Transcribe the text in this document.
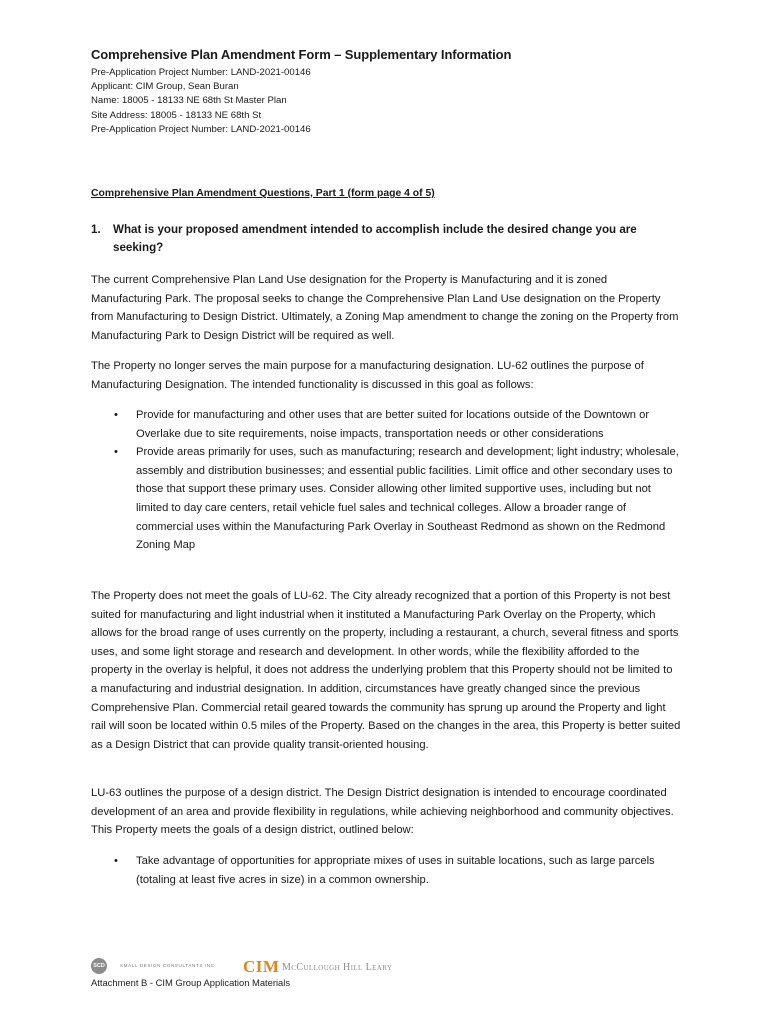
Comprehensive Plan Amendment Form – Supplementary Information
Pre-Application Project Number: LAND-2021-00146
Applicant: CIM Group, Sean Buran
Name: 18005 - 18133 NE 68th St Master Plan
Site Address: 18005 - 18133 NE 68th St
Pre-Application Project Number: LAND-2021-00146
Comprehensive Plan Amendment Questions, Part 1 (form page 4 of 5)
1. What is your proposed amendment intended to accomplish include the desired change you are seeking?
The current Comprehensive Plan Land Use designation for the Property is Manufacturing and it is zoned Manufacturing Park. The proposal seeks to change the Comprehensive Plan Land Use designation on the Property from Manufacturing to Design District. Ultimately, a Zoning Map amendment to change the zoning on the Property from Manufacturing Park to Design District will be required as well.
The Property no longer serves the main purpose for a manufacturing designation. LU-62 outlines the purpose of Manufacturing Designation. The intended functionality is discussed in this goal as follows:
• Provide for manufacturing and other uses that are better suited for locations outside of the Downtown or Overlake due to site requirements, noise impacts, transportation needs or other considerations
• Provide areas primarily for uses, such as manufacturing; research and development; light industry; wholesale, assembly and distribution businesses; and essential public facilities. Limit office and other secondary uses to those that support these primary uses. Consider allowing other limited supportive uses, including but not limited to day care centers, retail vehicle fuel sales and technical colleges. Allow a broader range of commercial uses within the Manufacturing Park Overlay in Southeast Redmond as shown on the Redmond Zoning Map
The Property does not meet the goals of LU-62. The City already recognized that a portion of this Property is not best suited for manufacturing and light industrial when it instituted a Manufacturing Park Overlay on the Property, which allows for the broad range of uses currently on the property, including a restaurant, a church, several fitness and sports uses, and some light storage and research and development. In other words, while the flexibility afforded to the property in the overlay is helpful, it does not address the underlying problem that this Property should not be limited to a manufacturing and industrial designation. In addition, circumstances have greatly changed since the previous Comprehensive Plan. Commercial retail geared towards the community has sprung up around the Property and light rail will soon be located within 0.5 miles of the Property. Based on the changes in the area, this Property is better suited as a Design District that can provide quality transit-oriented housing.
LU-63 outlines the purpose of a design district. The Design District designation is intended to encourage coordinated development of an area and provide flexibility in regulations, while achieving neighborhood and community objectives. This Property meets the goals of a design district, outlined below:
• Take advantage of opportunities for appropriate mixes of uses in suitable locations, such as large parcels (totaling at least five acres in size) in a common ownership.
SCD	SMALL DESIGN CONSULTANTS INC CIM McCullough Hill Leary
Attachment B - CIM Group Application Materials
